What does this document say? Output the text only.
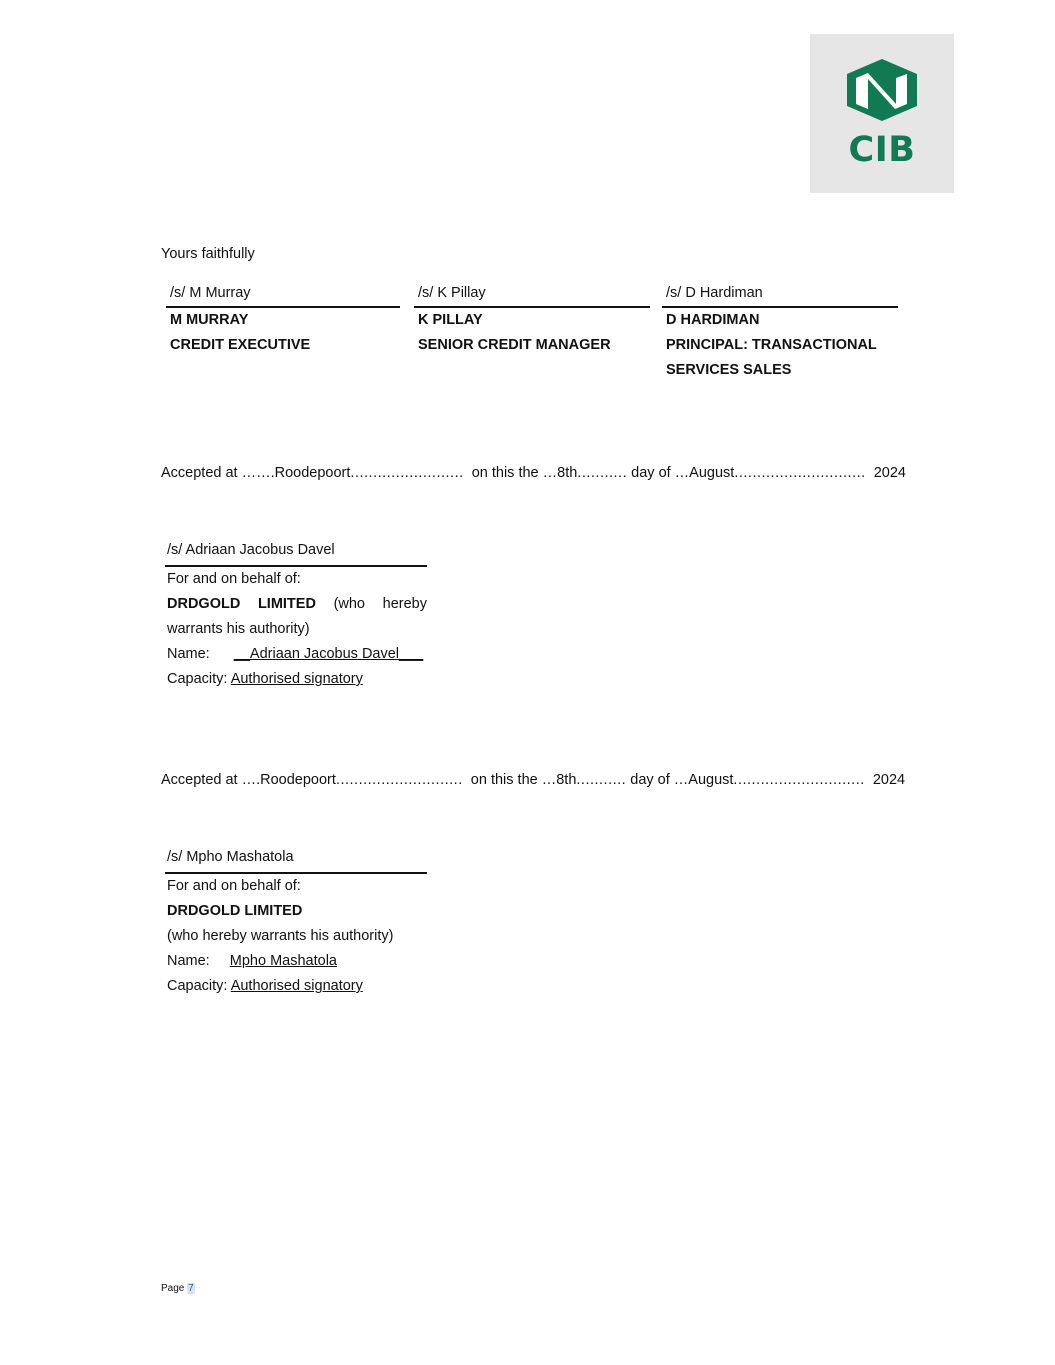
CIB
Yours faithfully
/s/ M Murray
M MURRAY
CREDIT EXECUTIVE
/s/ K Pillay
K PILLAY
SENIOR CREDIT MANAGER
/s/ D Hardiman
D HARDIMAN
PRINCIPAL: TRANSACTIONAL
SERVICES SALES
Accepted at …….Roodepoort......................... on this the …8th........... day of …August............................. 2024
/s/ Adriaan Jacobus Davel
For and on behalf of:
DRDGOLD LIMITED (who hereby
warrants his authority)
Name: __Adriaan Jacobus Davel___
Capacity: Authorised signatory
Accepted at ….Roodepoort............................ on this the …8th........... day of …August............................. 2024
/s/ Mpho Mashatola
For and on behalf of:
DRDGOLD LIMITED
(who hereby warrants his authority)
Name: Mpho Mashatola
Capacity: Authorised signatory
Page 7
